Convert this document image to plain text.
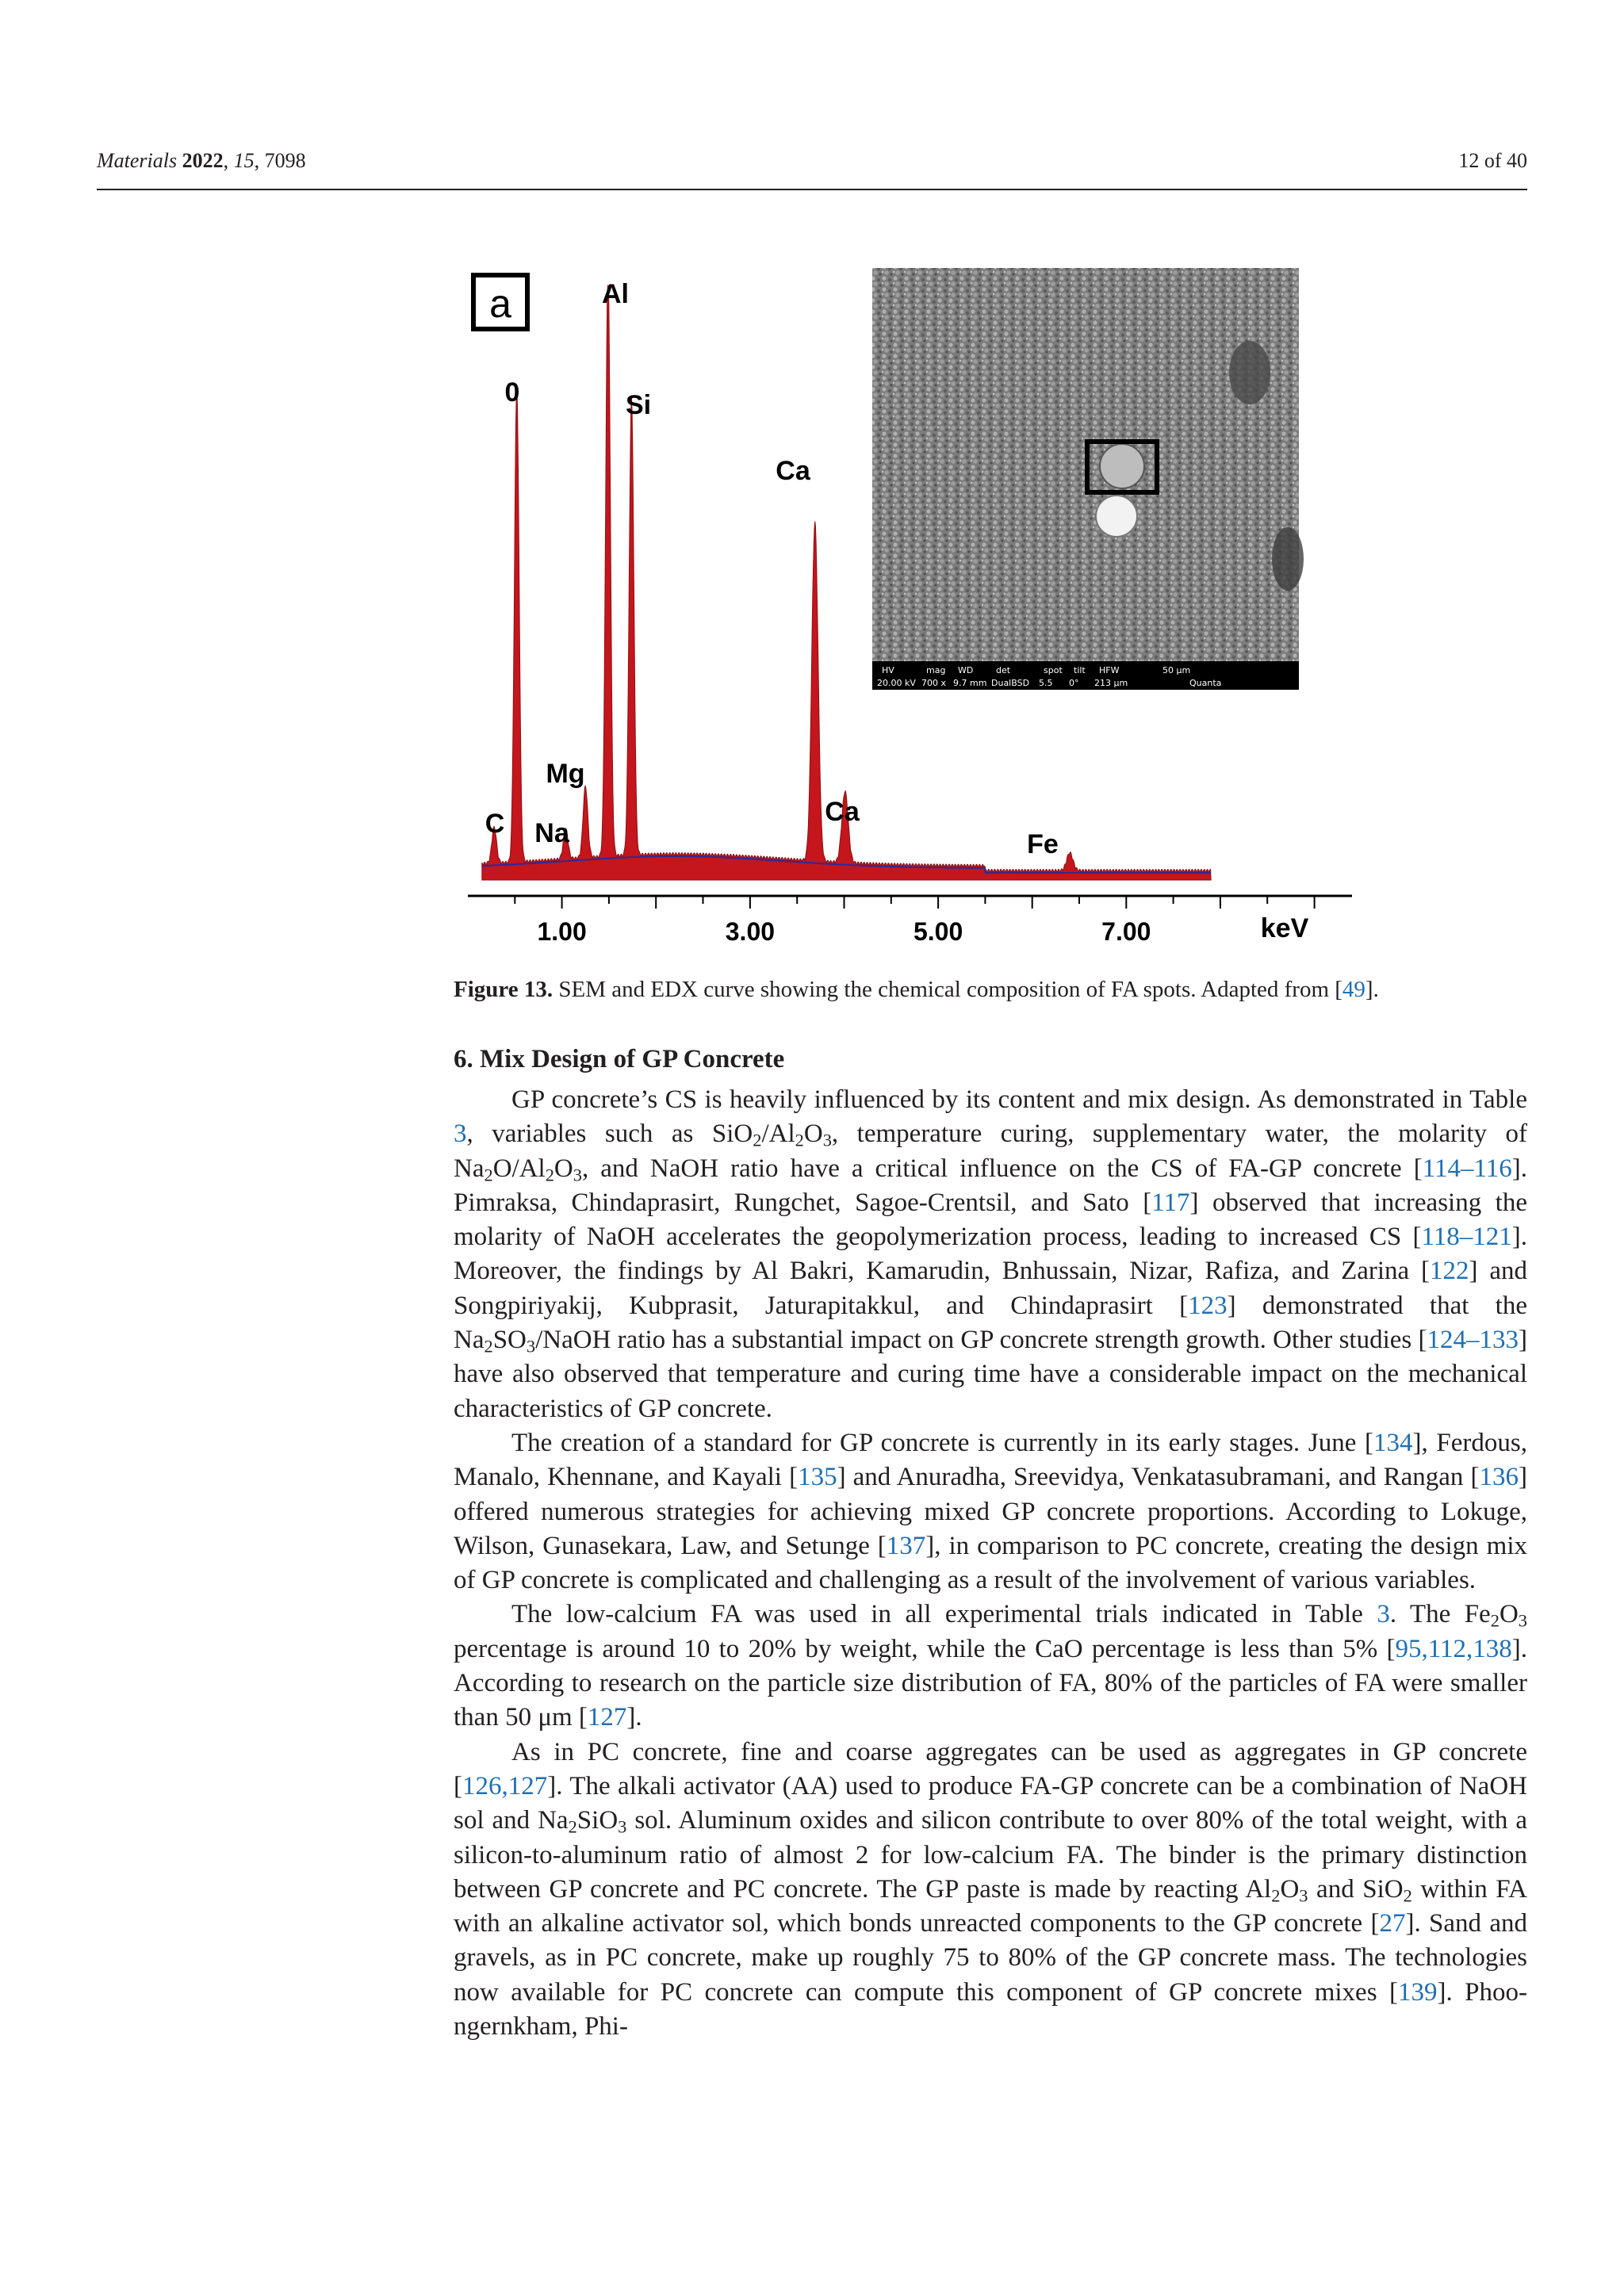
Materials 2022, 15, 7098	12 of 40
a
1.00	3.00	5.00	7.00	keV
0
Al
Si
Ca
Mg
C Na
Ca
Fe
HV	mag WD	det	spot tilt HFW	50 μm
20.00 kV 700 x 9.7 mm DualBSD 5.5 0° 213 μm	Quanta
Figure 13. SEM and EDX curve showing the chemical composition of FA spots. Adapted from [49].
6. Mix Design of GP Concrete

GP concrete’s CS is heavily influenced by its content and mix design. As demonstrated in Table 3, variables such as $SiO_2/Al_2O_3$, temperature curing, supplementary water, the molarity of $Na_2O/Al_2O_3$, and NaOH ratio have a critical influence on the CS of FA-GP concrete [114–116]. Pimraksa, Chindaprasirt, Rungchet, Sagoe-Crentsil, and Sato [117] observed that increasing the molarity of NaOH accelerates the geopolymerization process, leading to increased CS [118–121]. Moreover, the findings by Al Bakri, Kamarudin, Bnhussain, Nizar, Rafiza, and Zarina [122] and Songpiriyakij, Kubprasit, Jaturapitakkul, and Chindaprasirt [123] demonstrated that the $Na_2SO_3$/NaOH ratio has a substantial impact on GP concrete strength growth. Other studies [124–133] have also observed that temperature and curing time have a considerable impact on the mechanical characteristics of GP concrete.

The creation of a standard for GP concrete is currently in its early stages. June [134], Ferdous, Manalo, Khennane, and Kayali [135] and Anuradha, Sreevidya, Venkatasubramani, and Rangan [136] offered numerous strategies for achieving mixed GP concrete proportions. According to Lokuge, Wilson, Gunasekara, Law, and Setunge [137], in comparison to PC concrete, creating the design mix of GP concrete is complicated and challenging as a result of the involvement of various variables.

The low-calcium FA was used in all experimental trials indicated in Table 3. The $Fe_2O_3$ percentage is around 10 to 20% by weight, while the CaO percentage is less than 5% [95,112,138]. According to research on the particle size distribution of FA, 80% of the particles of FA were smaller than 50 μm [127].

As in PC concrete, fine and coarse aggregates can be used as aggregates in GP concrete [126,127]. The alkali activator (AA) used to produce FA-GP concrete can be a combination of NaOH sol and $Na_2SiO_3$ sol. Aluminum oxides and silicon contribute to over 80% of the total weight, with a silicon-to-aluminum ratio of almost 2 for low-calcium FA. The binder is the primary distinction between GP concrete and PC concrete. The GP paste is made by reacting $Al_2O_3$ and SiO$_2$ within FA with an alkaline activator sol, which bonds unreacted components to the GP concrete [27]. Sand and gravels, as in PC concrete, make up roughly 75 to 80% of the GP concrete mass. The technologies now available for PC concrete can compute this component of GP concrete mixes [139]. Phoo-ngernkham, Phi-
